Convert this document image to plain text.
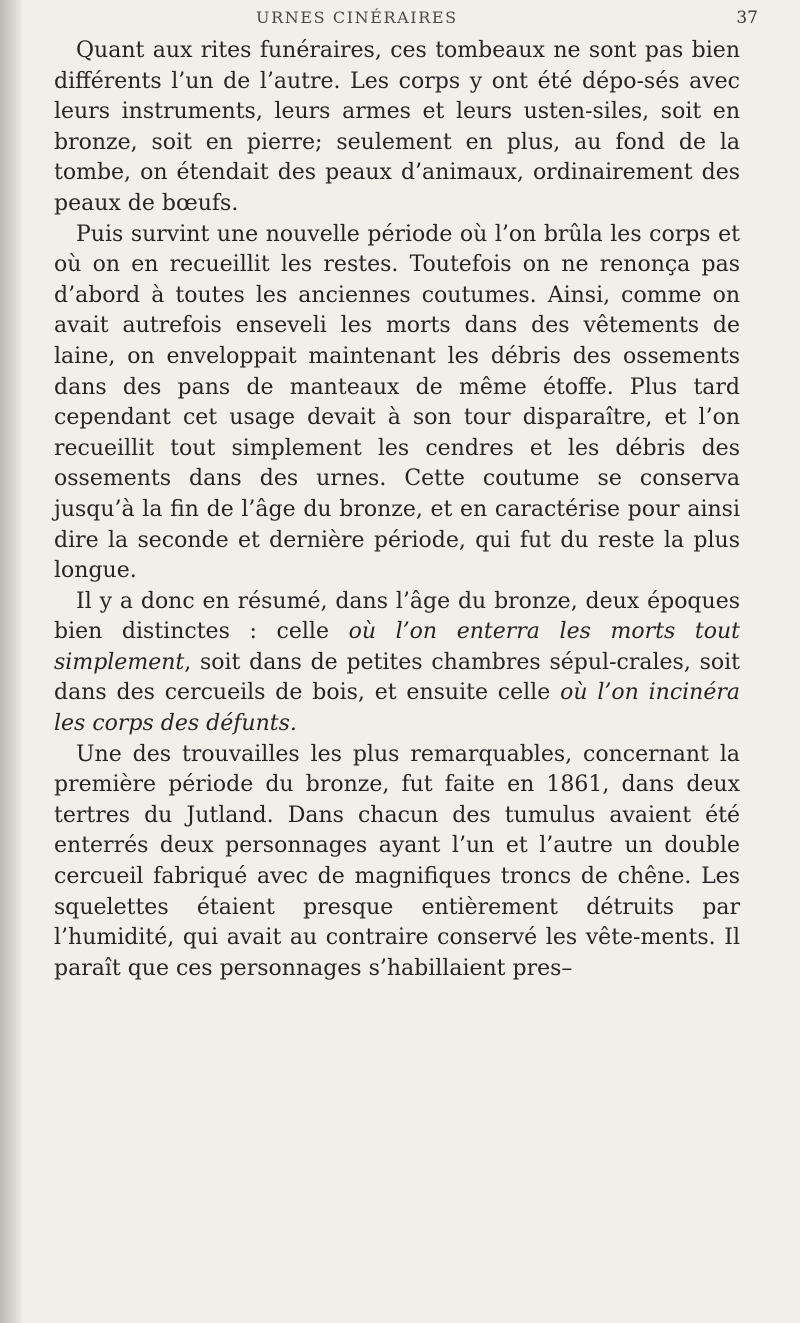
URNES CINÉRAIRES	37

Quant aux rites funéraires, ces tombeaux ne sont pas bien différents l’un de l’autre. Les corps y ont été dépo-sés avec leurs instruments, leurs armes et leurs usten-siles, soit en bronze, soit en pierre; seulement en plus, au fond de la tombe, on étendait des peaux d’animaux, ordinairement des peaux de bœufs.

Puis survint une nouvelle période où l’on brûla les corps et où on en recueillit les restes. Toutefois on ne renonça pas d’abord à toutes les anciennes coutumes. Ainsi, comme on avait autrefois enseveli les morts dans des vêtements de laine, on enveloppait maintenant les débris des ossements dans des pans de manteaux de même étoffe. Plus tard cependant cet usage devait à son tour disparaître, et l’on recueillit tout simplement les cendres et les débris des ossements dans des urnes. Cette coutume se conserva jusqu’à la fin de l’âge du bronze, et en caractérise pour ainsi dire la seconde et dernière période, qui fut du reste la plus longue.

Il y a donc en résumé, dans l’âge du bronze, deux époques bien distinctes : celle où l’on enterra les morts tout simplement, soit dans de petites chambres sépul-crales, soit dans des cercueils de bois, et ensuite celle où l’on incinéra les corps des défunts.

Une des trouvailles les plus remarquables, concernant la première période du bronze, fut faite en 1861, dans deux tertres du Jutland. Dans chacun des tumulus avaient été enterrés deux personnages ayant l’un et l’autre un double cercueil fabriqué avec de magnifiques troncs de chêne. Les squelettes étaient presque entièrement détruits par l’humidité, qui avait au contraire conservé les vête-ments. Il paraît que ces personnages s’habillaient pres–
